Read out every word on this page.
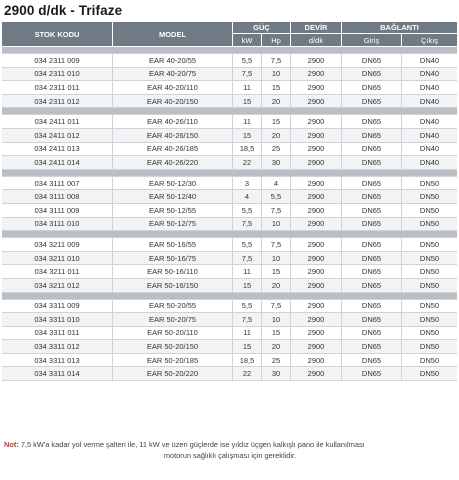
2900 d/dk - Trifaze
STOK KODU	MODEL	GÜÇ		DEVİR	BAĞLANTI	
		kW	Hp	d/dk	Giriş	Çıkış

034 2311 009	EAR 40-20/55	5,5	7,5	2900	DN65	DN40
034 2311 010	EAR 40-20/75	7,5	10	2900	DN65	DN40
034 2311 011	EAR 40-20/110	11	15	2900	DN65	DN40
034 2311 012	EAR 40-20/150	15	20	2900	DN65	DN40

034 2411 011	EAR 40-26/110	11	15	2900	DN65	DN40
034 2411 012	EAR 40-26/150	15	20	2900	DN65	DN40
034 2411 013	EAR 40-26/185	18,5	25	2900	DN65	DN40
034 2411 014	EAR 40-26/220	22	30	2900	DN65	DN40

034 3111 007	EAR 50-12/30	3	4	2900	DN65	DN50
034 3111 008	EAR 50-12/40	4	5,5	2900	DN65	DN50
034 3111 009	EAR 50-12/55	5,5	7,5	2900	DN65	DN50
034 3111 010	EAR 50-12/75	7,5	10	2900	DN65	DN50

034 3211 009	EAR 50-16/55	5,5	7,5	2900	DN65	DN50
034 3211 010	EAR 50-16/75	7,5	10	2900	DN65	DN50
034 3211 011	EAR 50-16/110	11	15	2900	DN65	DN50
034 3211 012	EAR 50-16/150	15	20	2900	DN65	DN50

034 3311 009	EAR 50-20/55	5,5	7,5	2900	DN65	DN50
034 3311 010	EAR 50-20/75	7,5	10	2900	DN65	DN50
034 3311 011	EAR 50-20/110	11	15	2900	DN65	DN50
034 3311 012	EAR 50-20/150	15	20	2900	DN65	DN50
034 3311 013	EAR 50-20/185	18,5	25	2900	DN65	DN50
034 3311 014	EAR 50-20/220	22	30	2900	DN65	DN50
Not: 7,5 kW'a kadar yol verme şalteri ile, 11 kW ve üzeri güçlerde ise yıldız üçgen kalkışlı pano ile kullanılması
motorun sağlıklı çalışması için gereklidir.
